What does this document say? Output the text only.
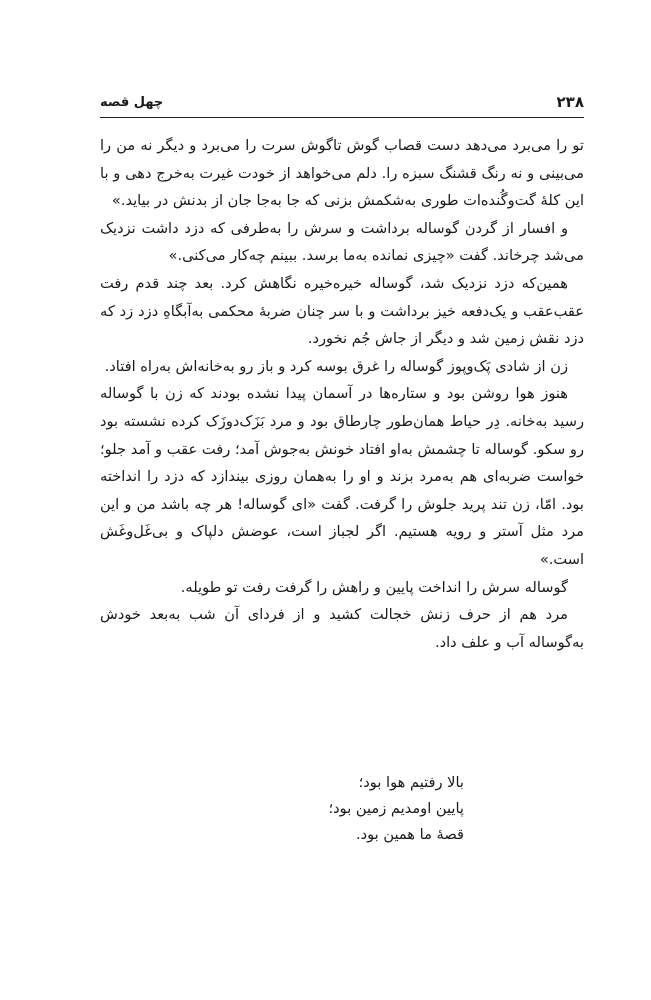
۲۳۸
چهل قصه

تو را می‌برد می‌دهد دست قصاب گوش تاگوش سرت را می‌برد و دیگر نه من را می‌بینی و نه رنگ قشنگ سبزه را. دلم می‌خواهد از خودت غیرت به‌خرج دهی و با این کلهٔ گت‌وگُنده‌ات طوری به‌شکمش بزنی که جا به‌جا جان از بدنش در بیاید.»

و افسار از گردن گوساله برداشت و سرش را به‌طرفی که دزد داشت نزدیک می‌شد چرخاند. گفت «چیزی نمانده به‌ما برسد. ببینم چه‌کار می‌کنی.»

همین‌که دزد نزدیک شد، گوساله خیره‌خیره نگاهش کرد. بعد چند قدم رفت عقب‌عقب و یک‌دفعه خیز برداشت و با سر چنان ضربهٔ محکمی به‌آبگاهِ دزد زد که دزد نقش زمین شد و دیگر از جاش جُم نخورد.

زن از شادی پَک‌وپوز گوساله را غرق بوسه کرد و باز رو به‌خانه‌اش به‌راه افتاد.

هنوز هوا روشن بود و ستاره‌ها در آسمان پیدا نشده بودند که زن با گوساله رسید به‌خانه. دِر حیاط همان‌طور چارطاق بود و مرد بَزَک‌دوزَک کرده نشسته بود رو سکو. گوساله تا چشمش به‌او افتاد خونش به‌جوش آمد؛ رفت عقب و آمد جلو؛ خواست ضربه‌ای هم به‌مرد بزند و او را به‌همان روزی بیندازد که دزد را انداخته بود. امّا، زن تند پرید جلوش را گرفت. گفت «ای گوساله! هر چه باشد من و این مرد مثل آستر و رویه هستیم. اگر لجباز است، عوضش دلپاک و بی‌غَل‌وغَش است.»

گوساله سرش را انداخت پایین و راهش را گرفت رفت تو طویله.

مرد هم از حرف زنش خجالت کشید و از فردای آن شب به‌بعد خودش به‌گوساله آب و علف داد.

بالا رفتیم هوا بود؛
پایین اومدیم زمین بود؛
قصهٔ ما همین بود.
